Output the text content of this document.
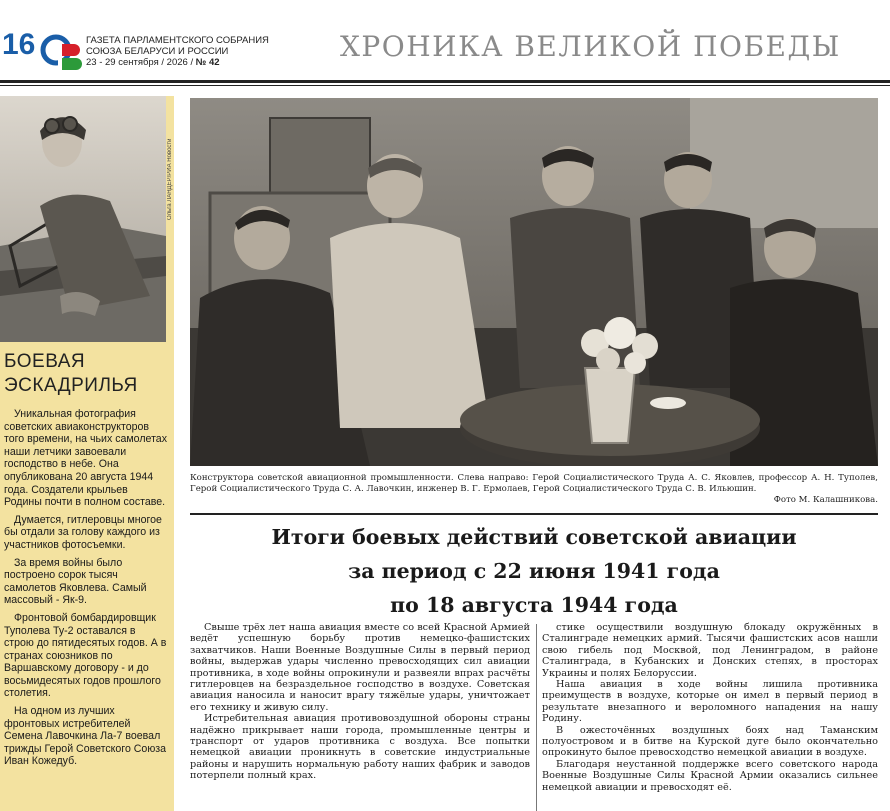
16	ГАЗЕТА ПАРЛАМЕНТСКОГО СОБРАНИЯ
СОЮЗА БЕЛАРУСИ И РОССИИ
23 - 29 сентября / 2026 / № 42	ХРОНИКА ВЕЛИКОЙ ПОБЕДЫ
Ольга ЛАНДЕР/РИА Новости
БОЕВАЯ
ЭСКАДРИЛЬЯ

Уникальная фотография советских авиаконструкторов того времени, на чьих самолетах наши летчики завоевали господство в небе. Она опубликована 20 августа 1944 года. Создатели крыльев Родины почти в полном составе.

Думается, гитлеровцы многое бы отдали за голову каждого из участников фотосъемки.

За время войны было построено сорок тысяч самолетов Яковлева. Самый массовый - Як-9.

Фронтовой бомбардировщик Туполева Ту-2 оставался в строю до пятидесятых годов. А в странах союзников по Варшавскому договору - и до восьмидесятых годов прошлого столетия.

На одном из лучших фронтовых истребителей Семена Лавочкина Ла-7 воевал трижды Герой Советского Союза Иван Кожедуб.

Конструктора советской авиационной промышленности. Слева направо: Герой Социалистического Труда А. С. Яковлев, профессор А. Н. Туполев, Герой Социалистического Труда С. А. Лавочкин, инженер В. Г. Ермолаев, Герой Социалистического Труда С. В. Ильюшин.
Фото М. Калашникова.
Итоги боевых действий советской авиации
за период с 22 июня 1941 года
по 18 августа 1944 года

Свыше трёх лет наша авиация вместе со всей Красной Армией ведёт успешную борьбу против немецко-фашистских захватчиков. Наши Военные Воздушные Силы в первый период войны, выдержав удары численно превосходящих сил авиации противника, в ходе войны опрокинули и развеяли впрах расчёты гитлеровцев на безраздельное господство в воздухе. Советская авиация наносила и наносит врагу тяжёлые удары, уничтожает его технику и живую силу.

Истребительная авиация противовоздушной обороны страны надёжно прикрывает наши города, промышленные центры и транспорт от ударов противника с воздуха. Все попытки немецкой авиации проникнуть в советские индустриальные районы и нарушить нормальную работу наших фабрик и заводов потерпели полный крах.

стике осуществили воздушную блокаду окружённых в Сталинграде немецких армий. Тысячи фашистских асов нашли свою гибель под Москвой, под Ленинградом, в районе Сталинграда, в Кубанских и Донских степях, в просторах Украины и полях Белоруссии.

Наша авиация в ходе войны лишила противника преимуществ в воздухе, которые он имел в первый период в результате внезапного и вероломного нападения на нашу Родину.

В ожесточённых воздушных боях над Таманским полуостровом и в битве на Курской дуге было окончательно опрокинуто былое превосходство немецкой авиации в воздухе.

Благодаря неустанной поддержке всего советского народа Военные Воздушные Силы Красной Армии оказались сильнее немецкой авиации и превосходят её.
